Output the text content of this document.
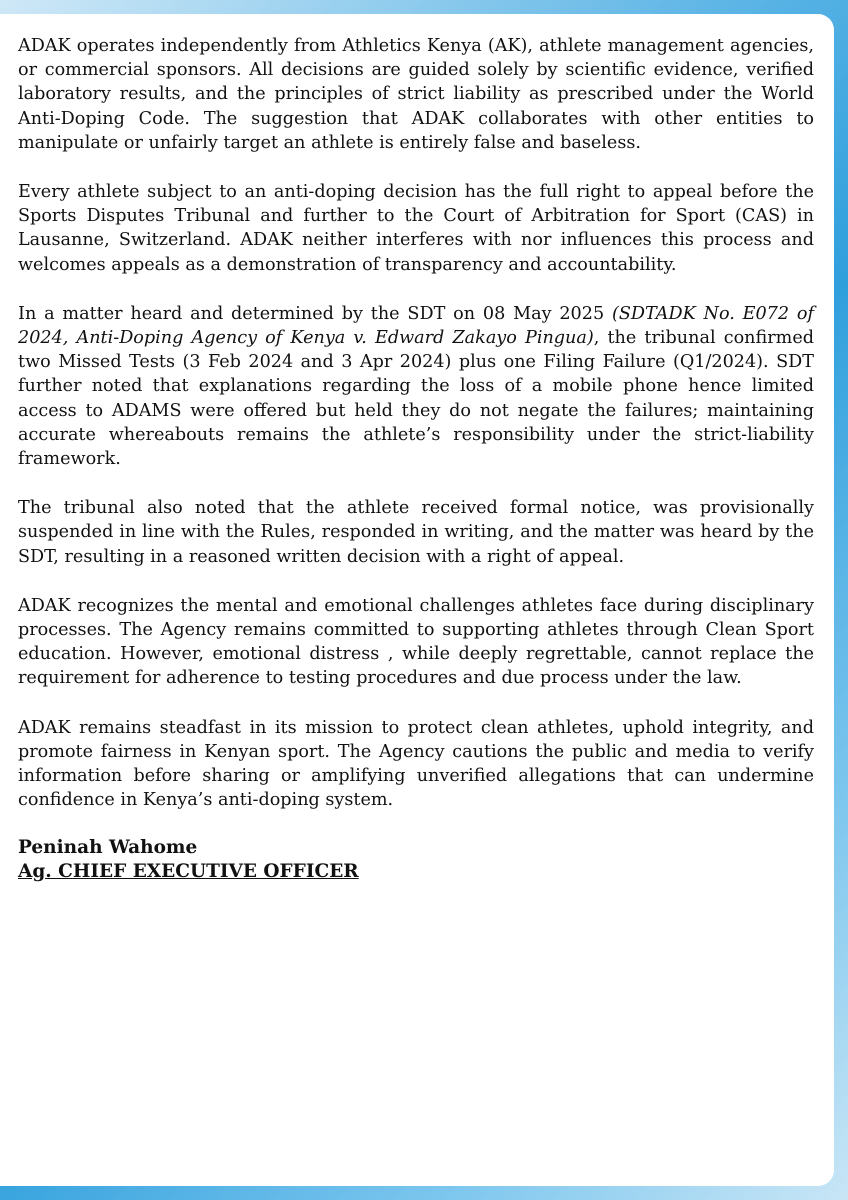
ADAK operates independently from Athletics Kenya (AK), athlete management agencies, or commercial sponsors. All decisions are guided solely by scientific evidence, verified laboratory results, and the principles of strict liability as prescribed under the World Anti-Doping Code. The suggestion that ADAK collaborates with other entities to manipulate or unfairly target an athlete is entirely false and baseless.

Every athlete subject to an anti-doping decision has the full right to appeal before the Sports Disputes Tribunal and further to the Court of Arbitration for Sport (CAS) in Lausanne, Switzerland. ADAK neither interferes with nor influences this process and welcomes appeals as a demonstration of transparency and accountability.

In a matter heard and determined by the SDT on 08 May 2025 (SDTADK No. E072 of 2024, Anti-Doping Agency of Kenya v. Edward Zakayo Pingua), the tribunal confirmed two Missed Tests (3 Feb 2024 and 3 Apr 2024) plus one Filing Failure (Q1/2024). SDT further noted that explanations regarding the loss of a mobile phone hence limited access to ADAMS were offered but held they do not negate the failures; maintaining accurate whereabouts remains the athlete’s responsibility under the strict-liability framework.

The tribunal also noted that the athlete received formal notice, was provisionally suspended in line with the Rules, responded in writing, and the matter was heard by the SDT, resulting in a reasoned written decision with a right of appeal.

ADAK recognizes the mental and emotional challenges athletes face during disciplinary processes. The Agency remains committed to supporting athletes through Clean Sport education. However, emotional distress , while deeply regrettable, cannot replace the requirement for adherence to testing procedures and due process under the law.

ADAK remains steadfast in its mission to protect clean athletes, uphold integrity, and promote fairness in Kenyan sport. The Agency cautions the public and media to verify information before sharing or amplifying unverified allegations that can undermine confidence in Kenya’s anti-doping system.

Peninah Wahome
Ag. CHIEF EXECUTIVE OFFICER
